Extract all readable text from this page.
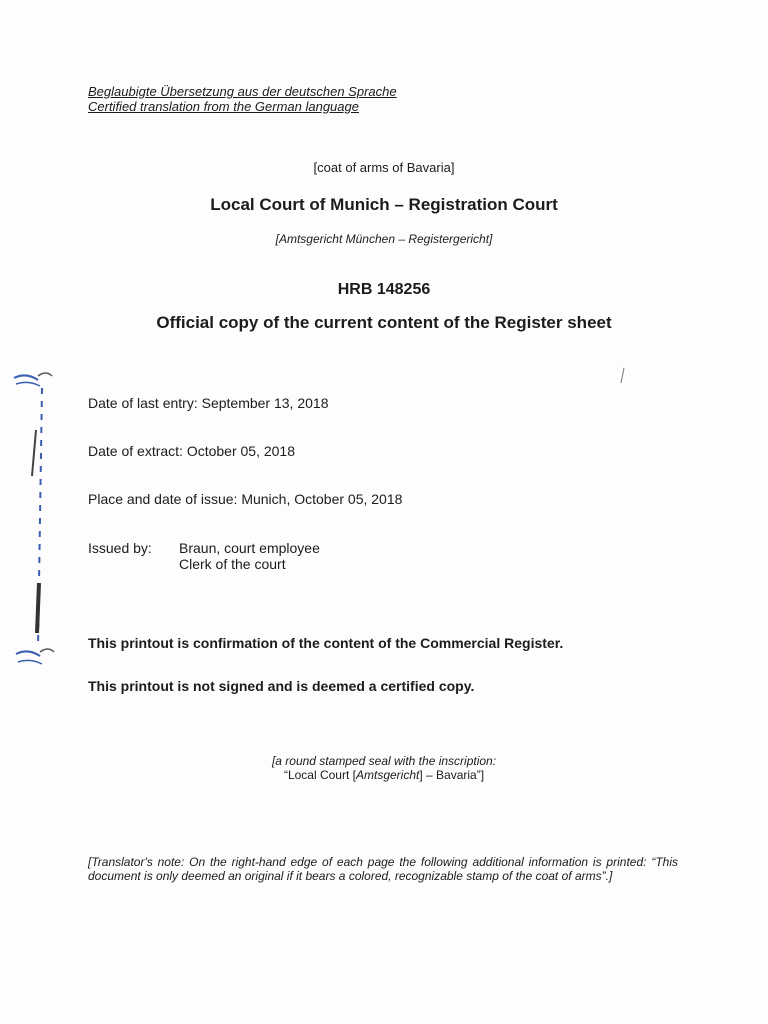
Beglaubigte Übersetzung aus der deutschen Sprache
Certified translation from the German language
[coat of arms of Bavaria]
Local Court of Munich – Registration Court
[Amtsgericht München – Registergericht]
HRB 148256
Official copy of the current content of the Register sheet
Date of last entry: September 13, 2018
Date of extract: October 05, 2018
Place and date of issue: Munich, October 05, 2018
Issued by: Braun, court employee
Clerk of the court
This printout is confirmation of the content of the Commercial Register.
This printout is not signed and is deemed a certified copy.
[a round stamped seal with the inscription:
“Local Court [Amtsgericht] – Bavaria”]
[Translator's note: On the right-hand edge of each page the following additional information is printed: “This document is only deemed an original if it bears a colored, recognizable stamp of the coat of arms”.]
